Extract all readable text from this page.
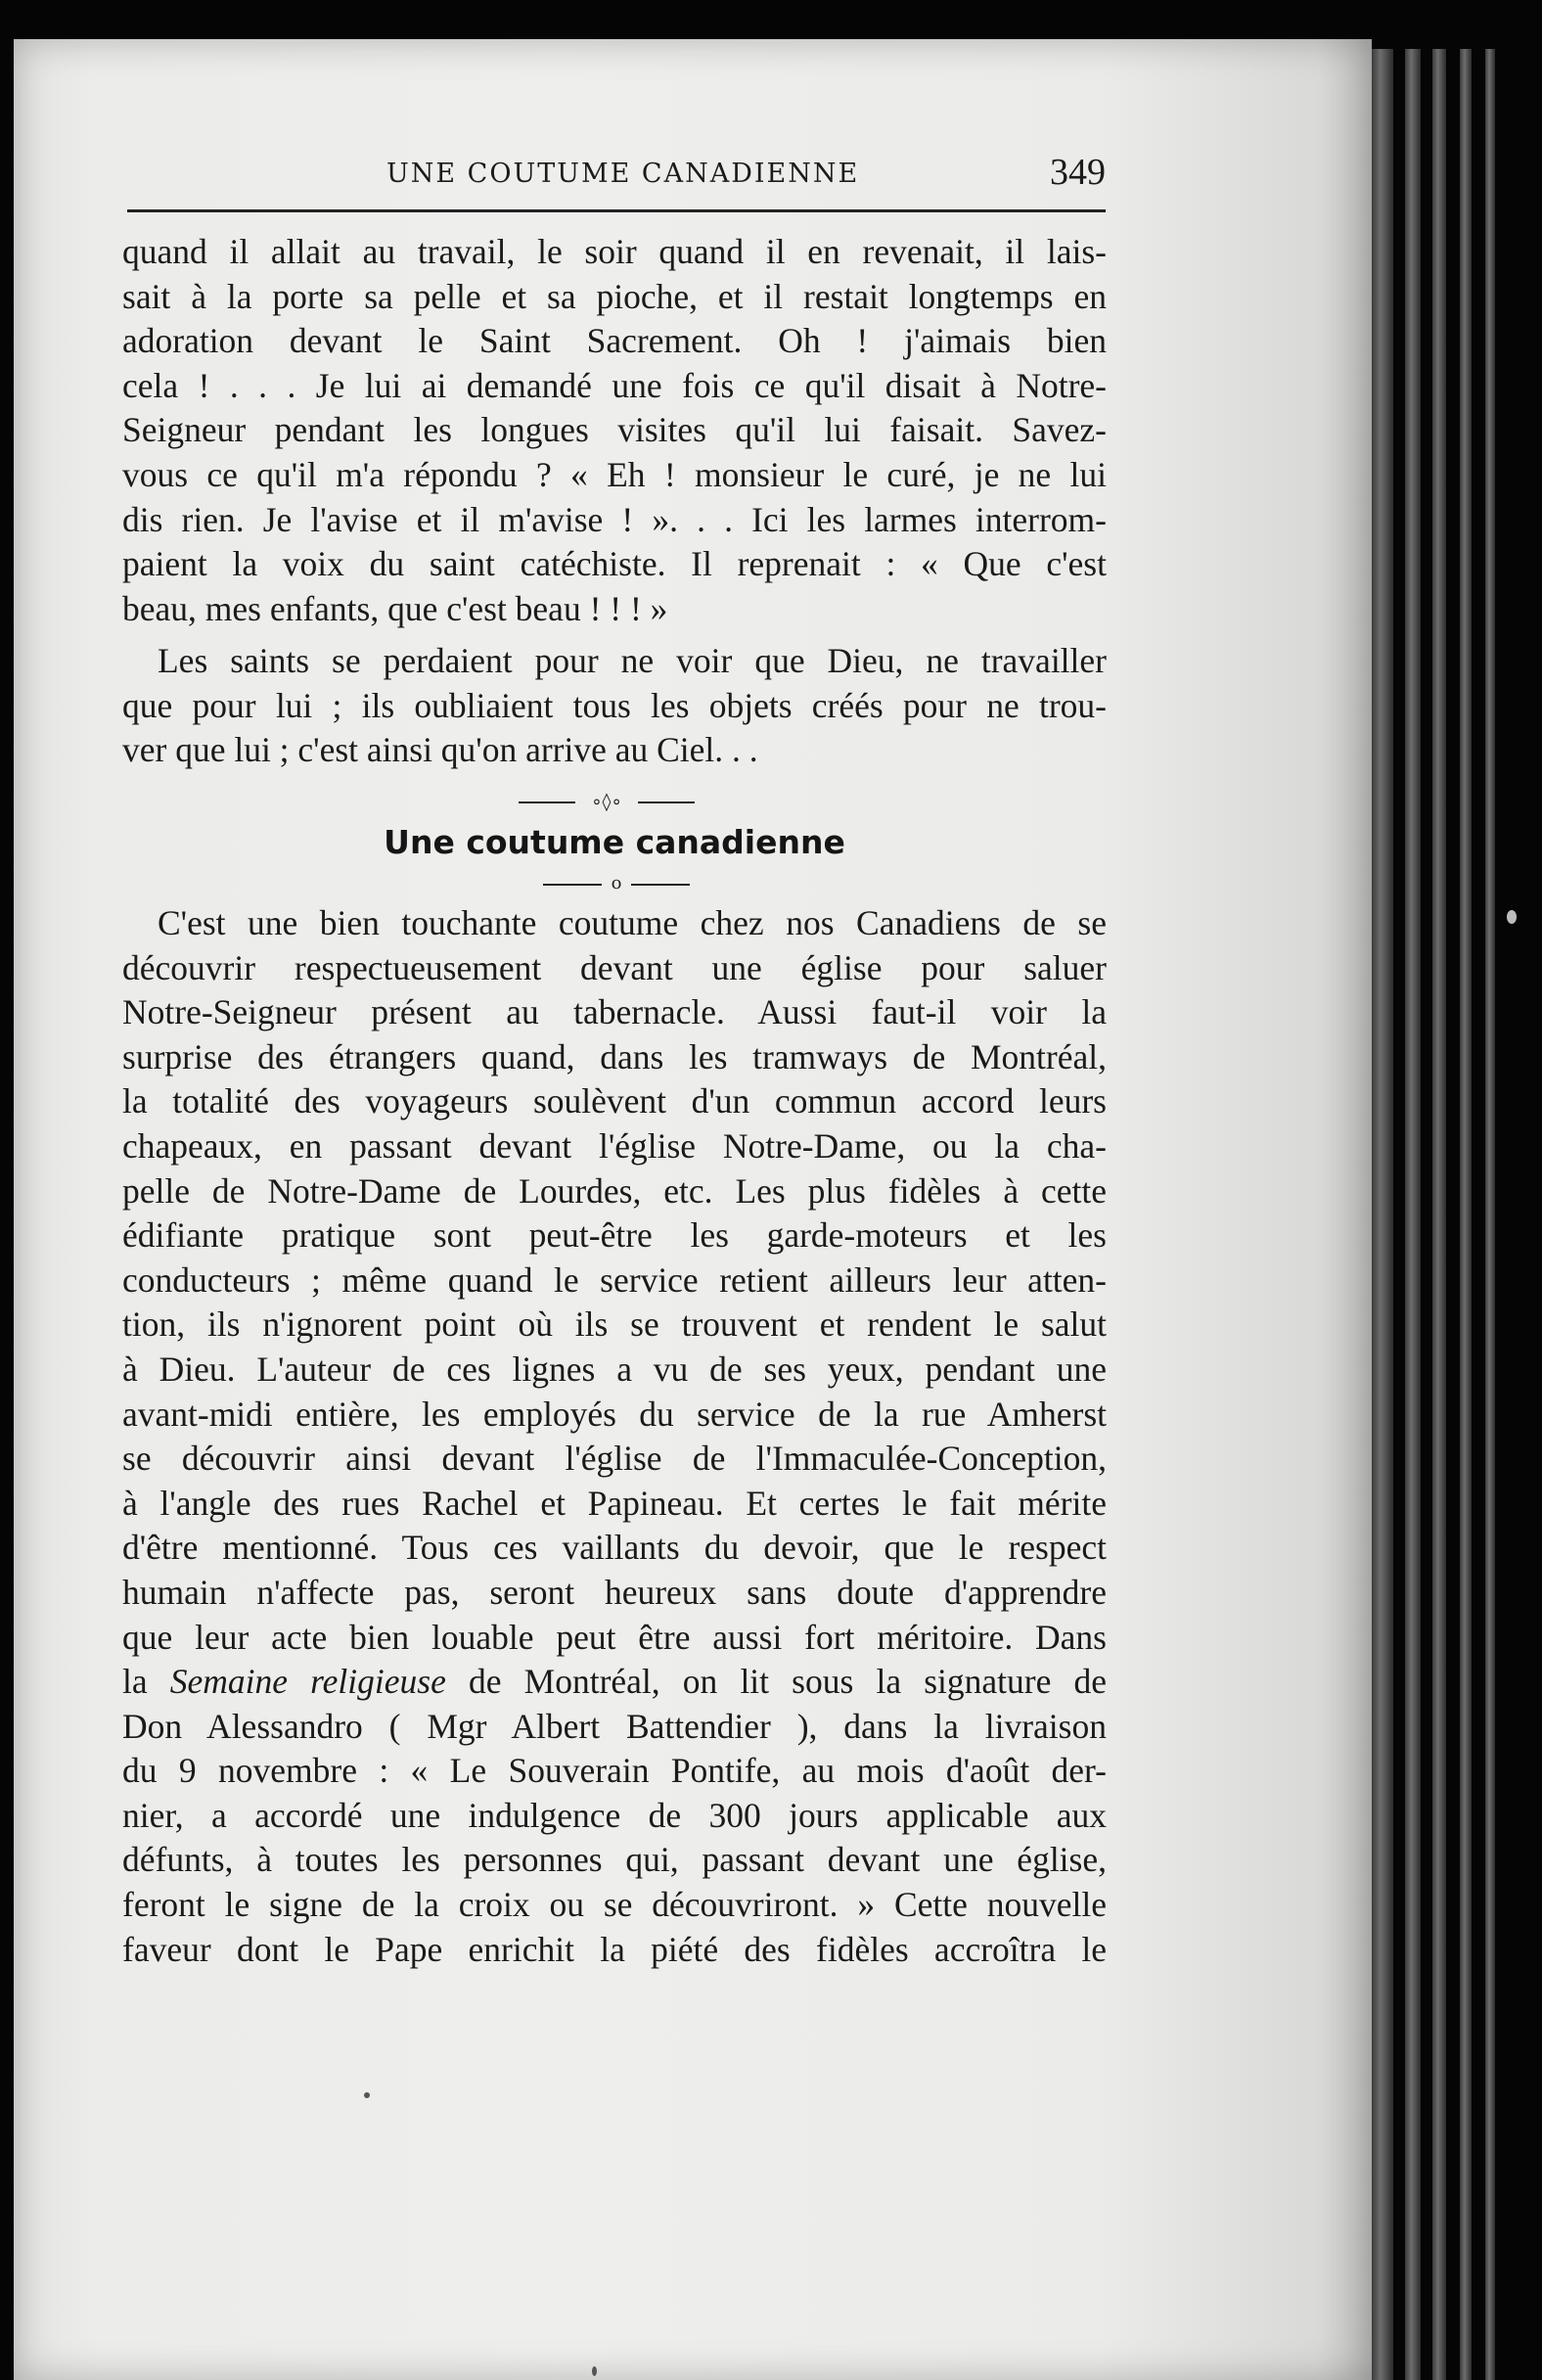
UNE COUTUME CANADIENNE	349
quand il allait au travail, le soir quand il en revenait, il lais-
sait à la porte sa pelle et sa pioche, et il restait longtemps en
adoration devant le Saint Sacrement. Oh ! j'aimais bien
cela ! . . . Je lui ai demandé une fois ce qu'il disait à Notre-
Seigneur pendant les longues visites qu'il lui faisait. Savez-
vous ce qu'il m'a répondu ? « Eh ! monsieur le curé, je ne lui
dis rien. Je l'avise et il m'avise ! ». . . Ici les larmes interrom-
paient la voix du saint catéchiste. Il reprenait : « Que c'est
beau, mes enfants, que c'est beau ! ! ! »
Les saints se perdaient pour ne voir que Dieu, ne travailler
que pour lui ; ils oubliaient tous les objets créés pour ne trou-
ver que lui ; c'est ainsi qu'on arrive au Ciel. . .
∘◊∘
Une coutume canadienne
o
C'est une bien touchante coutume chez nos Canadiens de se
découvrir respectueusement devant une église pour saluer
Notre-Seigneur présent au tabernacle. Aussi faut-il voir la
surprise des étrangers quand, dans les tramways de Montréal,
la totalité des voyageurs soulèvent d'un commun accord leurs
chapeaux, en passant devant l'église Notre-Dame, ou la cha-
pelle de Notre-Dame de Lourdes, etc. Les plus fidèles à cette
édifiante pratique sont peut-être les garde-moteurs et les
conducteurs ; même quand le service retient ailleurs leur atten-
tion, ils n'ignorent point où ils se trouvent et rendent le salut
à Dieu. L'auteur de ces lignes a vu de ses yeux, pendant une
avant-midi entière, les employés du service de la rue Amherst
se découvrir ainsi devant l'église de l'Immaculée-Conception,
à l'angle des rues Rachel et Papineau. Et certes le fait mérite
d'être mentionné. Tous ces vaillants du devoir, que le respect
humain n'affecte pas, seront heureux sans doute d'apprendre
que leur acte bien louable peut être aussi fort méritoire. Dans
la Semaine religieuse de Montréal, on lit sous la signature de
Don Alessandro ( Mgr Albert Battendier ), dans la livraison
du 9 novembre : « Le Souverain Pontife, au mois d'août der-
nier, a accordé une indulgence de 300 jours applicable aux
défunts, à toutes les personnes qui, passant devant une église,
feront le signe de la croix ou se découvriront. » Cette nouvelle
faveur dont le Pape enrichit la piété des fidèles accroîtra le
